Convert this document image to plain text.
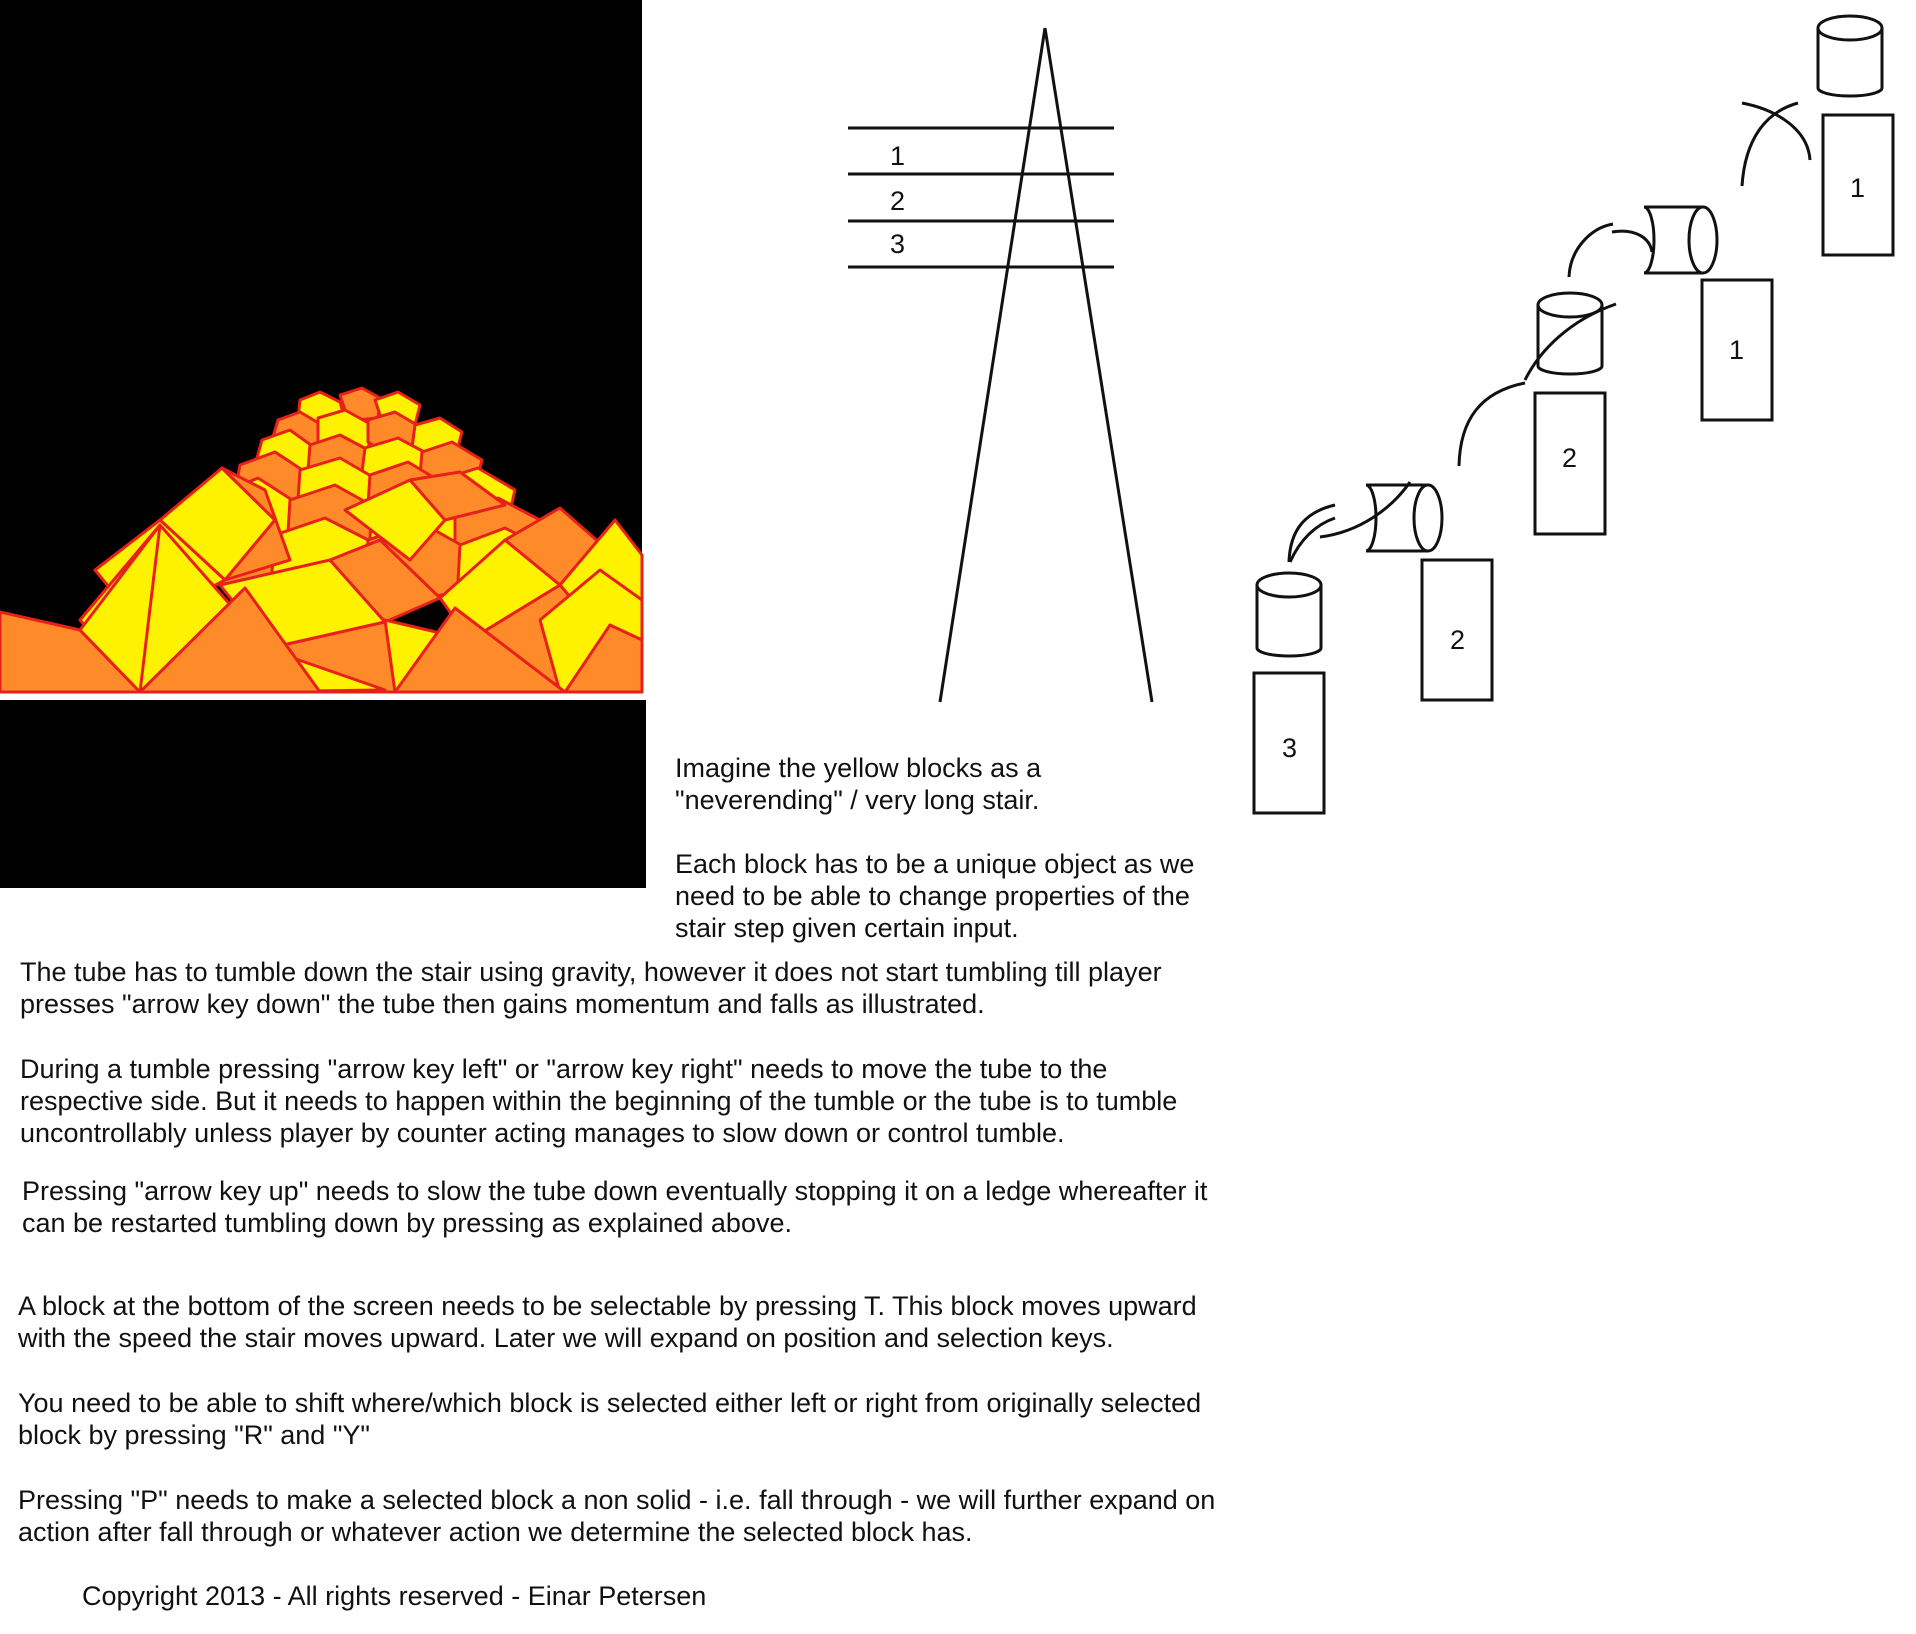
1
2
3
1
1
2
2
3

Imagine the yellow blocks as a
"neverending" / very long stair.

Each block has to be a unique object as we
need to be able to change properties of the
stair step given certain input.

The tube has to tumble down the stair using gravity, however it does not start tumbling till player
presses "arrow key down" the tube then gains momentum and falls as illustrated.

During a tumble pressing "arrow key left" or "arrow key right" needs to move the tube to the
respective side. But it needs to happen within the beginning of the tumble or the tube is to tumble
uncontrollably unless player by counter acting manages to slow down or control tumble.

Pressing "arrow key up" needs to slow the tube down eventually stopping it on a ledge whereafter it
can be restarted tumbling down by pressing as explained above.

A block at the bottom of the screen needs to be selectable by pressing T. This block moves upward
with the speed the stair moves upward. Later we will expand on position and selection keys.

You need to be able to shift where/which block is selected either left or right from originally selected
block by pressing "R" and "Y"

Pressing "P" needs to make a selected block a non solid - i.e. fall through - we will further expand on
action after fall through or whatever action we determine the selected block has.

Copyright 2013 - All rights reserved - Einar Petersen
